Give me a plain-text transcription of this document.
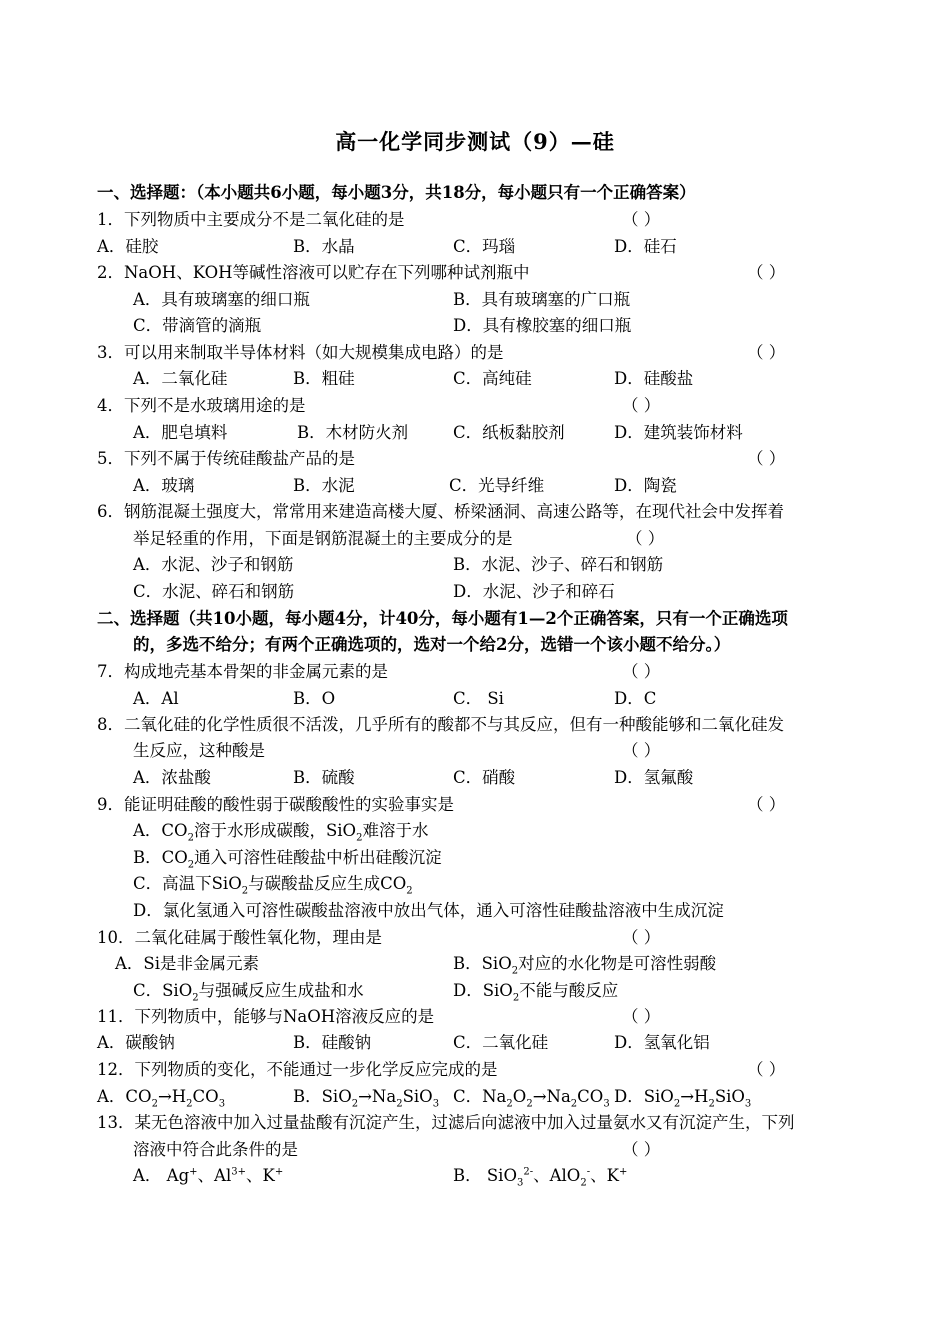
高一化学同步测试（9）—硅
一、选择题：（本小题共6小题，每小题3分，共18分，每小题只有一个正确答案）
1．下列物质中主要成分不是二氧化硅的是	（ ）
A．硅胶	B．水晶	C．玛瑙	D．硅石
2．NaOH、KOH等碱性溶液可以贮存在下列哪种试剂瓶中	（ ）
A．具有玻璃塞的细口瓶	B．具有玻璃塞的广口瓶
C．带滴管的滴瓶	D．具有橡胶塞的细口瓶
3．可以用来制取半导体材料（如大规模集成电路）的是	（ ）
A．二氧化硅	B．粗硅	C．高纯硅	D．硅酸盐
4．下列不是水玻璃用途的是	（ ）
A．肥皂填料	B．木材防火剂	C．纸板黏胶剂	D．建筑装饰材料
5．下列不属于传统硅酸盐产品的是	（ ）
A．玻璃	B．水泥	C．光导纤维	D．陶瓷
6．钢筋混凝土强度大，常常用来建造高楼大厦、桥梁涵洞、高速公路等，在现代社会中发挥着
举足轻重的作用，下面是钢筋混凝土的主要成分的是	（ ）
A．水泥、沙子和钢筋	B．水泥、沙子、碎石和钢筋
C．水泥、碎石和钢筋	D．水泥、沙子和碎石
二、选择题（共10小题，每小题4分，计40分，每小题有1—2个正确答案，只有一个正确选项
的，多选不给分；有两个正确选项的，选对一个给2分，选错一个该小题不给分。）
7．构成地壳基本骨架的非金属元素的是	（ ）
A．Al	B．O	C． Si	D．C
8．二氧化硅的化学性质很不活泼，几乎所有的酸都不与其反应，但有一种酸能够和二氧化硅发
生反应，这种酸是	（ ）
A．浓盐酸	B．硫酸	C．硝酸	D．氢氟酸
9．能证明硅酸的酸性弱于碳酸酸性的实验事实是	（ ）
A．$CO_2$溶于水形成碳酸，SiO$_2$难溶于水
B．$CO_2$通入可溶性硅酸盐中析出硅酸沉淀
C．高温下SiO$_2$与碳酸盐反应生成$CO_2$
D．氯化氢通入可溶性碳酸盐溶液中放出气体，通入可溶性硅酸盐溶液中生成沉淀
10．二氧化硅属于酸性氧化物，理由是	（ ）
A．Si是非金属元素	B．SiO$_2$对应的水化物是可溶性弱酸
C．SiO$_2$与强碱反应生成盐和水	D．SiO$_2$不能与酸反应
11．下列物质中，能够与NaOH溶液反应的是	（ ）
A．碳酸钠	B．硅酸钠	C．二氧化硅	D．氢氧化铝
12．下列物质的变化，不能通过一步化学反应完成的是	（ ）
A．$CO_2\to H_2CO_3$	B．$SiO_2\to Na_2SiO_3$ C．$Na_2O_2\to Na_2CO_3$ D．$SiO_2\to H_2SiO_3$
13．某无色溶液中加入过量盐酸有沉淀产生，过滤后向滤液中加入过量氨水又有沉淀产生，下列
溶液中符合此条件的是	（ ）
A． Ag+、$Al^{3+}$、K+	B． SiO$_3^{2-}$、AlO$_2$-、K+
